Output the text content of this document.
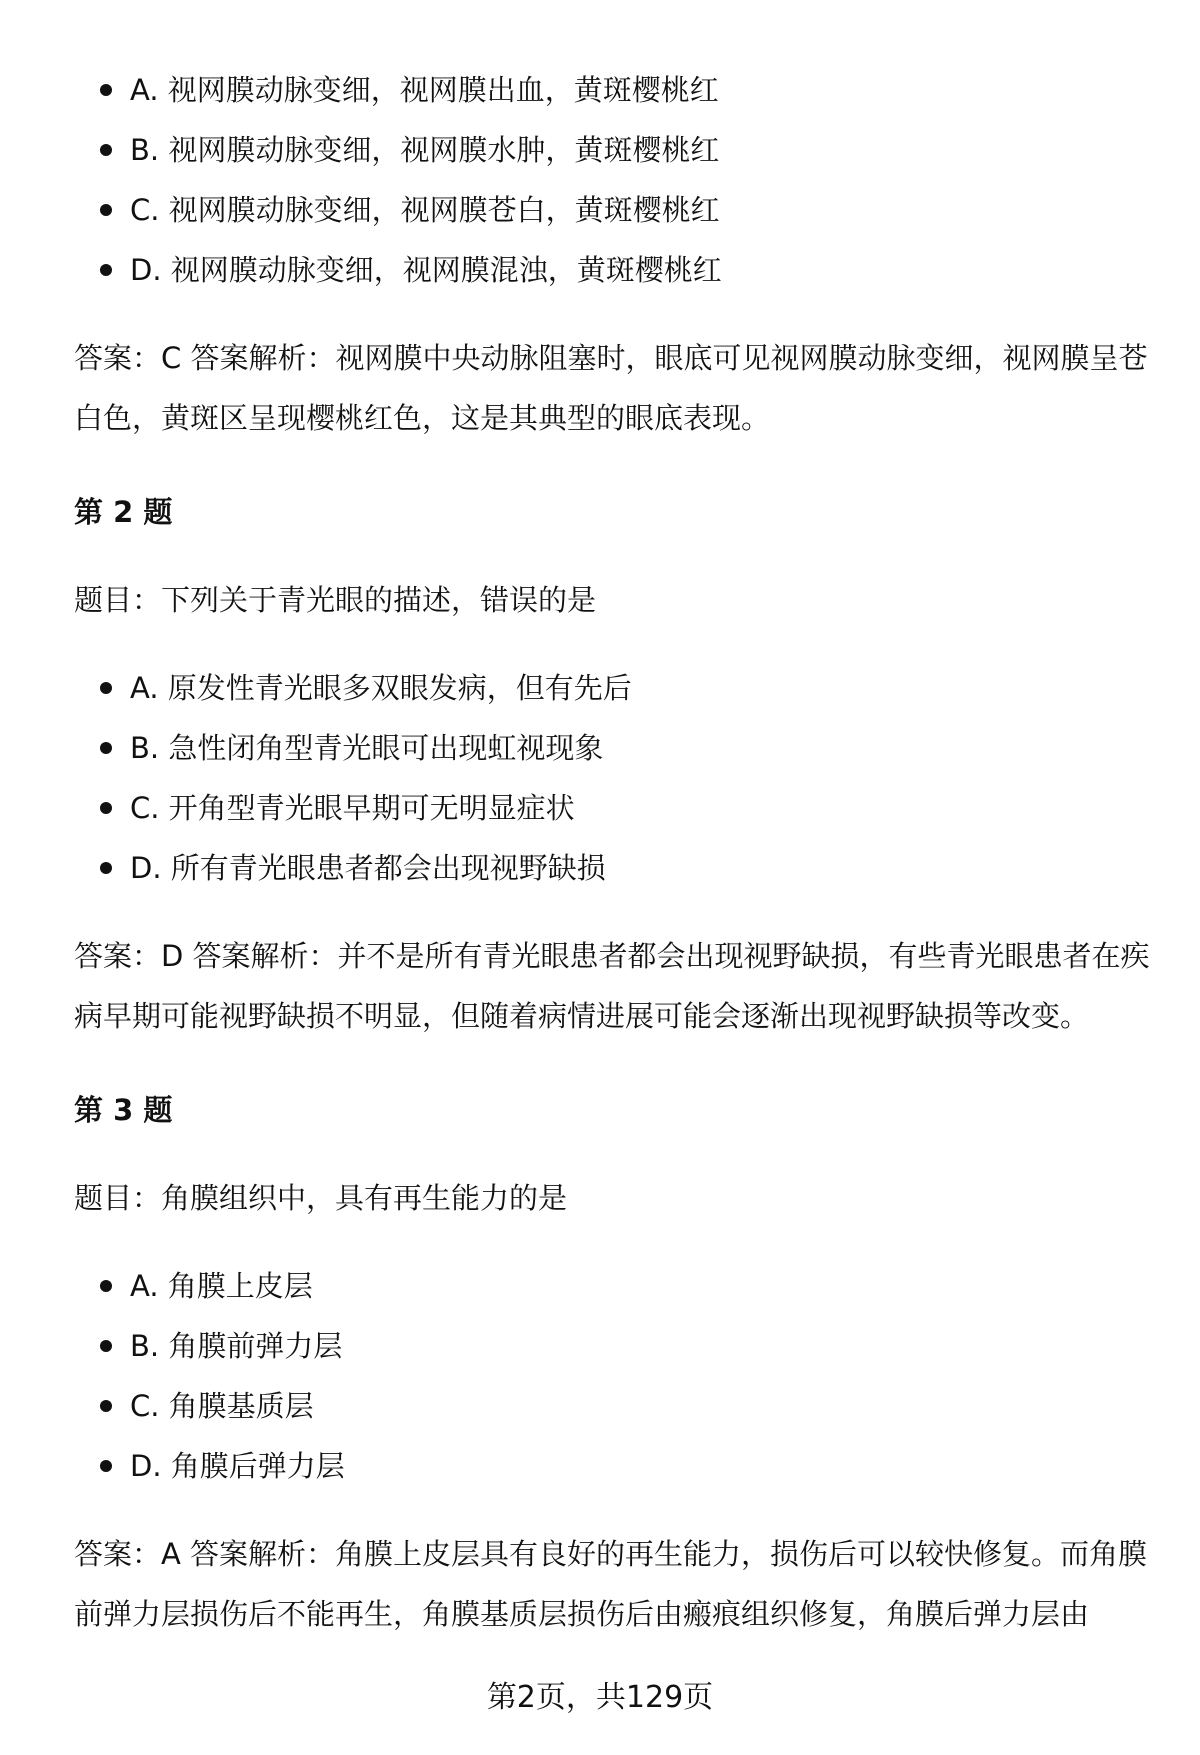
A. 视网膜动脉变细，视网膜出血，黄斑樱桃红
B. 视网膜动脉变细，视网膜水肿，黄斑樱桃红
C. 视网膜动脉变细，视网膜苍白，黄斑樱桃红
D. 视网膜动脉变细，视网膜混浊，黄斑樱桃红
答案：C 答案解析：视网膜中央动脉阻塞时，眼底可见视网膜动脉变细，视网膜呈苍白色，黄斑区呈现樱桃红色，这是其典型的眼底表现。
第 2 题
题目：下列关于青光眼的描述，错误的是
A. 原发性青光眼多双眼发病，但有先后
B. 急性闭角型青光眼可出现虹视现象
C. 开角型青光眼早期可无明显症状
D. 所有青光眼患者都会出现视野缺损
答案：D 答案解析：并不是所有青光眼患者都会出现视野缺损，有些青光眼患者在疾病早期可能视野缺损不明显，但随着病情进展可能会逐渐出现视野缺损等改变。
第 3 题
题目：角膜组织中，具有再生能力的是
A. 角膜上皮层
B. 角膜前弹力层
C. 角膜基质层
D. 角膜后弹力层
答案：A 答案解析：角膜上皮层具有良好的再生能力，损伤后可以较快修复。而角膜前弹力层损伤后不能再生，角膜基质层损伤后由瘢痕组织修复，角膜后弹力层由
第2页，共129页
